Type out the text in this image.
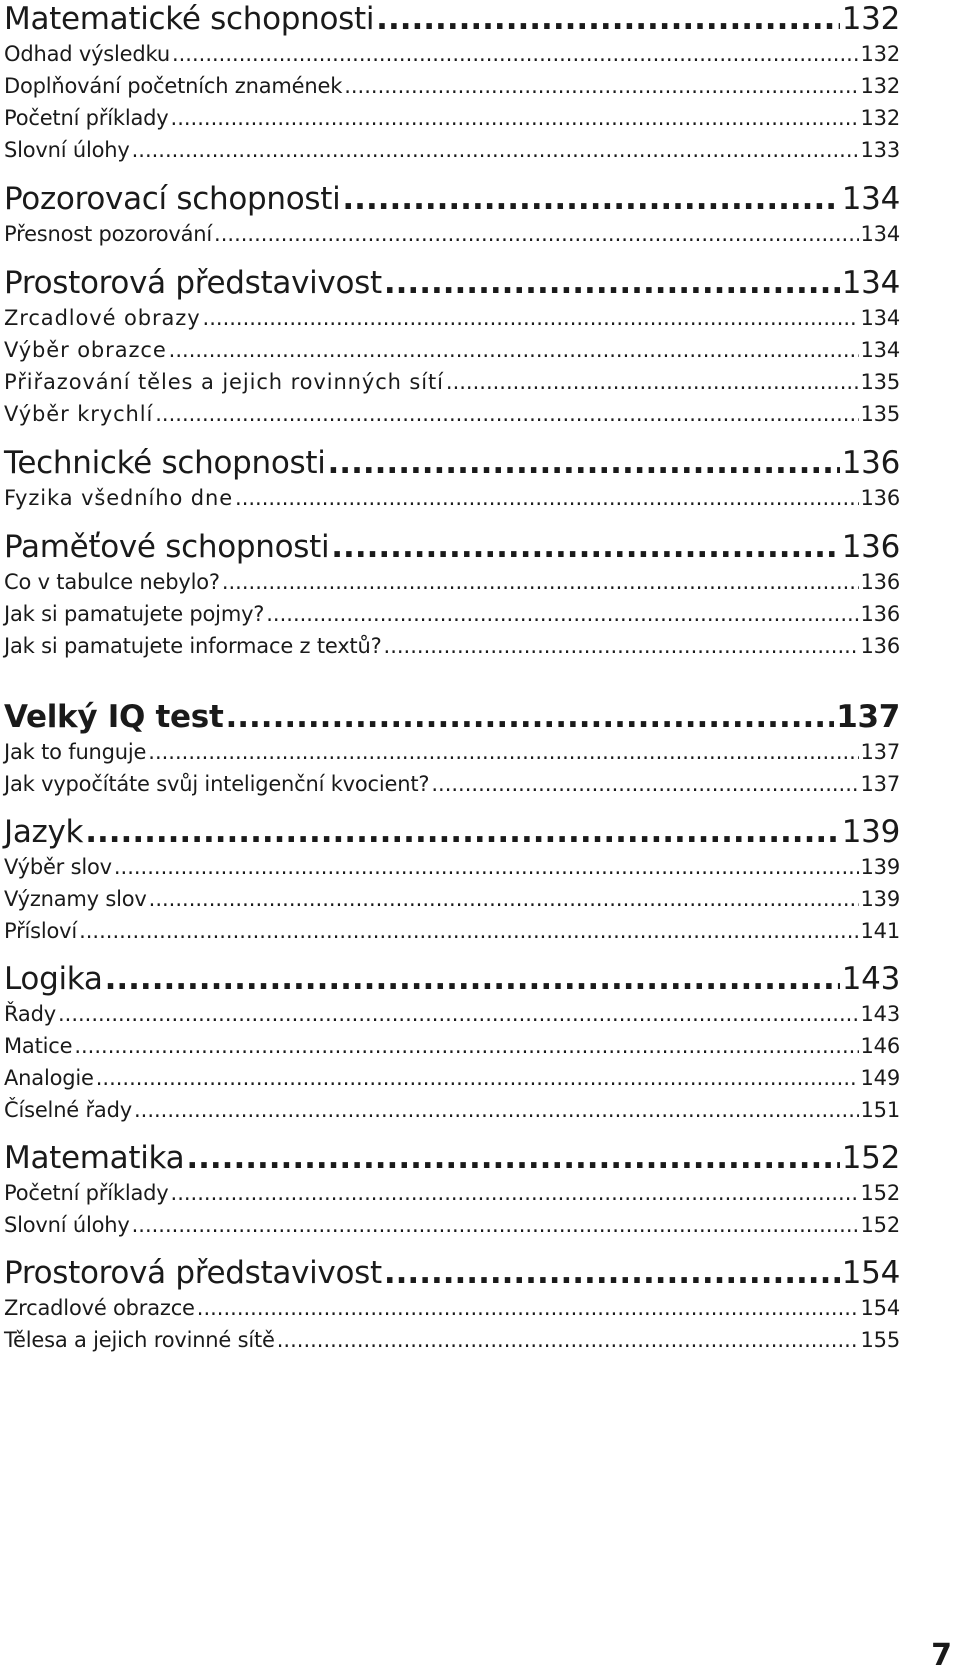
Matematické schopnosti .....	132
Odhad výsledku .....	132
Doplňování početních znamének .....	132
Početní příklady .....	132
Slovní úlohy .....	133
Pozorovací schopnosti .....	134
Přesnost pozorování .....	134
Prostorová představivost .....	134
Zrcadlové obrazy .....	134
Výběr obrazce .....	134
Přiřazování těles a jejich rovinných sítí .....	135
Výběr krychlí .....	135
Technické schopnosti .....	136
Fyzika všedního dne .....	136
Paměťové schopnosti .....	136
Co v tabulce nebylo? .....	136
Jak si pamatujete pojmy? .....	136
Jak si pamatujete informace z textů? .....	136
Velký IQ test .....	137
Jak to funguje .....	137
Jak vypočítáte svůj inteligenční kvocient? .....	137
Jazyk .....	139
Výběr slov .....	139
Významy slov .....	139
Přísloví .....	141
Logika .....	143
Řady .....	143
Matice .....	146
Analogie .....	149
Číselné řady .....	151
Matematika .....	152
Početní příklady .....	152
Slovní úlohy .....	152
Prostorová představivost .....	154
Zrcadlové obrazce .....	154
Tělesa a jejich rovinné sítě .....	155
7
